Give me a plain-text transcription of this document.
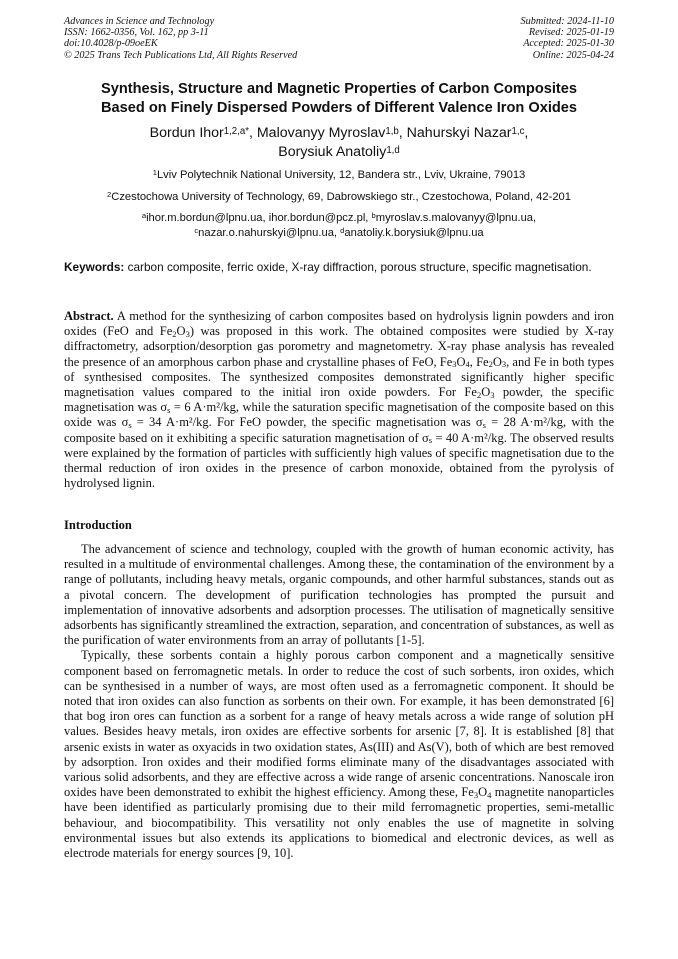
Advances in Science and Technology
ISSN: 1662-0356, Vol. 162, pp 3-11
doi:10.4028/p-09oeEK
© 2025 Trans Tech Publications Ltd, All Rights Reserved
Submitted: 2024-11-10
Revised: 2025-01-19
Accepted: 2025-01-30
Online: 2025-04-24
Synthesis, Structure and Magnetic Properties of Carbon Composites
Based on Finely Dispersed Powders of Different Valence Iron Oxides
Bordun Ihor$^{1,2,a*}$, Malovanyy Myroslav$^{1,b}$, Nahurskyi Nazar$^{1,c}$,
Borysiuk Anatoliy$^{1,d}$
$^1$Lviv Polytechnik National University, 12, Bandera str., Lviv, Ukraine, 79013
$^2$Czestochowa University of Technology, 69, Dabrowskiego str., Czestochowa, Poland, 42-201
$^a$ihor.m.bordun@lpnu.ua, ihor.bordun@pcz.pl, $^b$myroslav.s.malovanyy@lpnu.ua,
$^c$nazar.o.nahurskyi@lpnu.ua, $^d$anatoliy.k.borysiuk@lpnu.ua
Keywords: carbon composite, ferric oxide, X-ray diffraction, porous structure, specific magnetisation.
Abstract. A method for the synthesizing of carbon composites based on hydrolysis lignin powders and iron oxides (FeO and $Fe_2O_3$) was proposed in this work. The obtained composites were studied by X-ray diffractometry, adsorption/desorption gas porometry and magnetometry. X-ray phase analysis has revealed the presence of an amorphous carbon phase and crystalline phases of FeO, $Fe_3O_4$, $Fe_2O_3$, and Fe in both types of synthesised composites. The synthesized composites demonstrated significantly higher specific magnetisation values compared to the initial iron oxide powders. For $Fe_2O_3$ powder, the specific magnetisation was $\sigma_s = 6$ A·m²/kg, while the saturation specific magnetisation of the composite based on this oxide was $\sigma_s = 34$ A·m²/kg. For FeO powder, the specific magnetisation was $\sigma_s = 28$ A·m²/kg, with the composite based on it exhibiting a specific saturation magnetisation of $\sigma_s = 40$ A·m²/kg. The observed results were explained by the formation of particles with sufficiently high values of specific magnetisation due to the thermal reduction of iron oxides in the presence of carbon monoxide, obtained from the pyrolysis of hydrolysed lignin.
Introduction

The advancement of science and technology, coupled with the growth of human economic activity, has resulted in a multitude of environmental challenges. Among these, the contamination of the environment by a range of pollutants, including heavy metals, organic compounds, and other harmful substances, stands out as a pivotal concern. The development of purification technologies has prompted the pursuit and implementation of innovative adsorbents and adsorption processes. The utilisation of magnetically sensitive adsorbents has significantly streamlined the extraction, separation, and concentration of substances, as well as the purification of water environments from an array of pollutants [1-5].

Typically, these sorbents contain a highly porous carbon component and a magnetically sensitive component based on ferromagnetic metals. In order to reduce the cost of such sorbents, iron oxides, which can be synthesised in a number of ways, are most often used as a ferromagnetic component. It should be noted that iron oxides can also function as sorbents on their own. For example, it has been demonstrated [6] that bog iron ores can function as a sorbent for a range of heavy metals across a wide range of solution pH values. Besides heavy metals, iron oxides are effective sorbents for arsenic [7, 8]. It is established [8] that arsenic exists in water as oxyacids in two oxidation states, As(III) and As(V), both of which are best removed by adsorption. Iron oxides and their modified forms eliminate many of the disadvantages associated with various solid adsorbents, and they are effective across a wide range of arsenic concentrations. Nanoscale iron oxides have been demonstrated to exhibit the highest efficiency. Among these, $Fe_3O_4$ magnetite nanoparticles have been identified as particularly promising due to their mild ferromagnetic properties, semi-metallic behaviour, and biocompatibility. This versatility not only enables the use of magnetite in solving environmental issues but also extends its applications to biomedical and electronic devices, as well as electrode materials for energy sources [9, 10].
